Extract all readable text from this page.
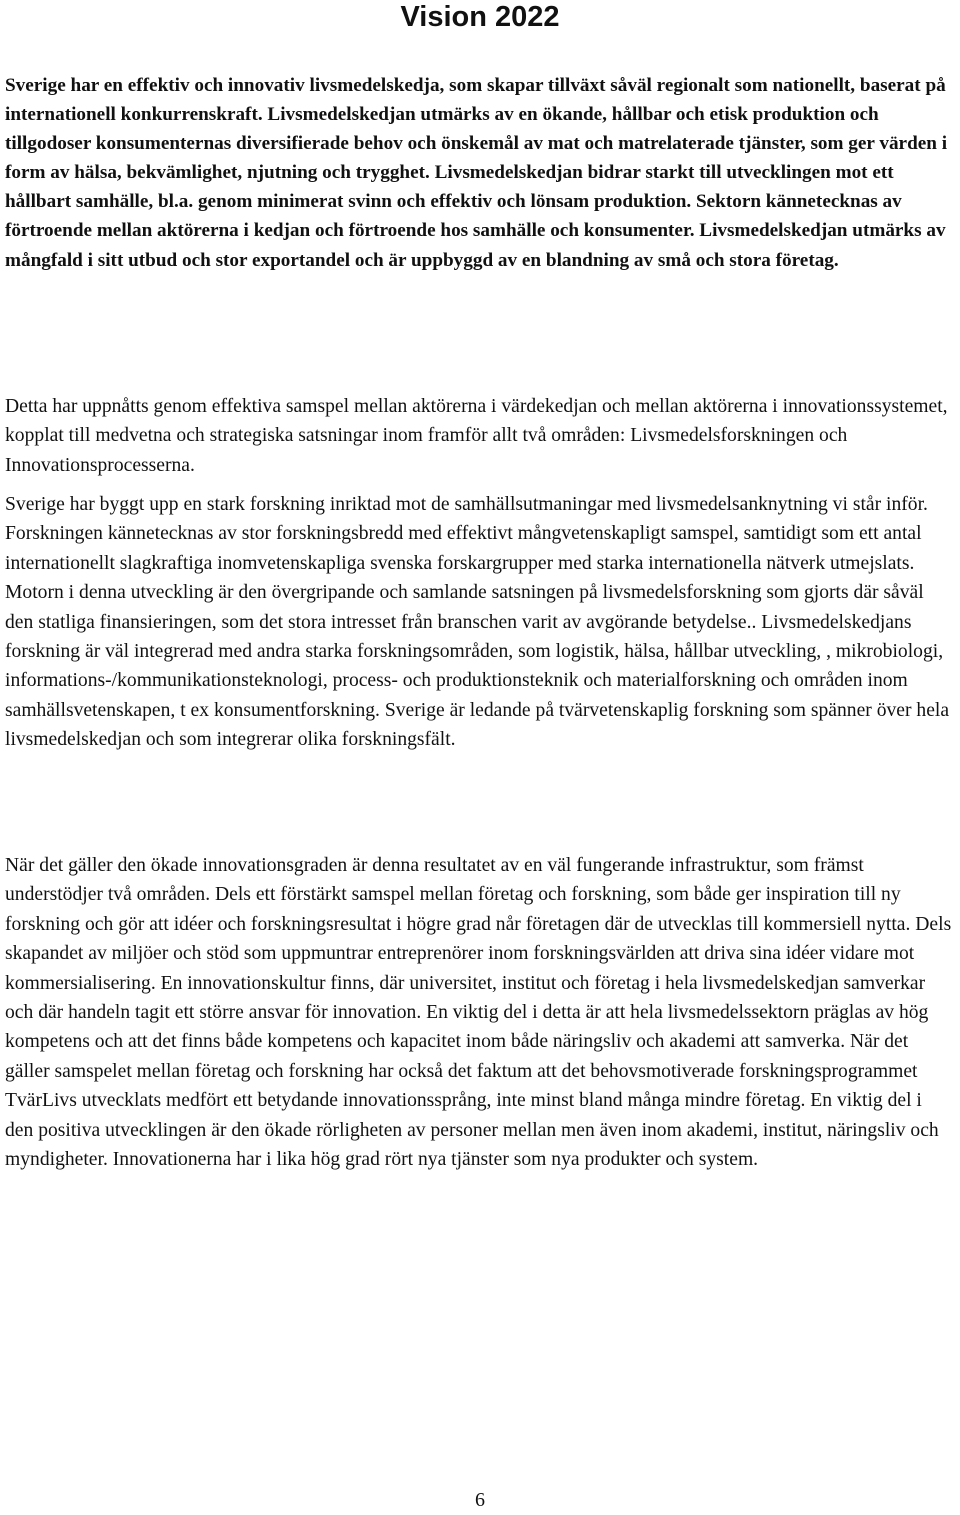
Vision 2022

Sverige har en effektiv och innovativ livsmedelskedja, som skapar tillväxt såväl regionalt som nationellt, baserat på internationell konkurrenskraft. Livsmedelskedjan utmärks av en ökande, hållbar och etisk produktion och tillgodoser konsumenternas diversifierade behov och önskemål av mat och matrelaterade tjänster, som ger värden i form av hälsa, bekvämlighet, njutning och trygghet. Livsmedelskedjan bidrar starkt till utvecklingen mot ett hållbart samhälle, bl.a. genom minimerat svinn och effektiv och lönsam produktion. Sektorn kännetecknas av förtroende mellan aktörerna i kedjan och förtroende hos samhälle och konsumenter. Livsmedelskedjan utmärks av mångfald i sitt utbud och stor exportandel och är uppbyggd av en blandning av små och stora företag.

Detta har uppnåtts genom effektiva samspel mellan aktörerna i värdekedjan och mellan aktörerna i innovationssystemet, kopplat till medvetna och strategiska satsningar inom framför allt två områden: Livsmedelsforskningen och Innovationsprocesserna.

Sverige har byggt upp en stark forskning inriktad mot de samhällsutmaningar med livsmedelsanknytning vi står inför. Forskningen kännetecknas av stor forskningsbredd med effektivt mångvetenskapligt samspel, samtidigt som ett antal internationellt slagkraftiga inomvetenskapliga svenska forskargrupper med starka internationella nätverk utmejslats. Motorn i denna utveckling är den övergripande och samlande satsningen på livsmedelsforskning som gjorts där såväl den statliga finansieringen, som det stora intresset från branschen varit av avgörande betydelse.. Livsmedelskedjans forskning är väl integrerad med andra starka forskningsområden, som logistik, hälsa, hållbar utveckling, , mikrobiologi, informations-/kommunikationsteknologi, process- och produktionsteknik och materialforskning och områden inom samhällsvetenskapen, t ex konsumentforskning. Sverige är ledande på tvärvetenskaplig forskning som spänner över hela livsmedelskedjan och som integrerar olika forskningsfält.

När det gäller den ökade innovationsgraden är denna resultatet av en väl fungerande infrastruktur, som främst understödjer två områden. Dels ett förstärkt samspel mellan företag och forskning, som både ger inspiration till ny forskning och gör att idéer och forskningsresultat i högre grad når företagen där de utvecklas till kommersiell nytta. Dels skapandet av miljöer och stöd som uppmuntrar entreprenörer inom forskningsvärlden att driva sina idéer vidare mot kommersialisering. En innovationskultur finns, där universitet, institut och företag i hela livsmedelskedjan samverkar och där handeln tagit ett större ansvar för innovation. En viktig del i detta är att hela livsmedelssektorn präglas av hög kompetens och att det finns både kompetens och kapacitet inom både näringsliv och akademi att samverka. När det gäller samspelet mellan företag och forskning har också det faktum att det behovsmotiverade forskningsprogrammet TvärLivs utvecklats medfört ett betydande innovationssprång, inte minst bland många mindre företag. En viktig del i den positiva utvecklingen är den ökade rörligheten av personer mellan men även inom akademi, institut, näringsliv och myndigheter. Innovationerna har i lika hög grad rört nya tjänster som nya produkter och system.

6
